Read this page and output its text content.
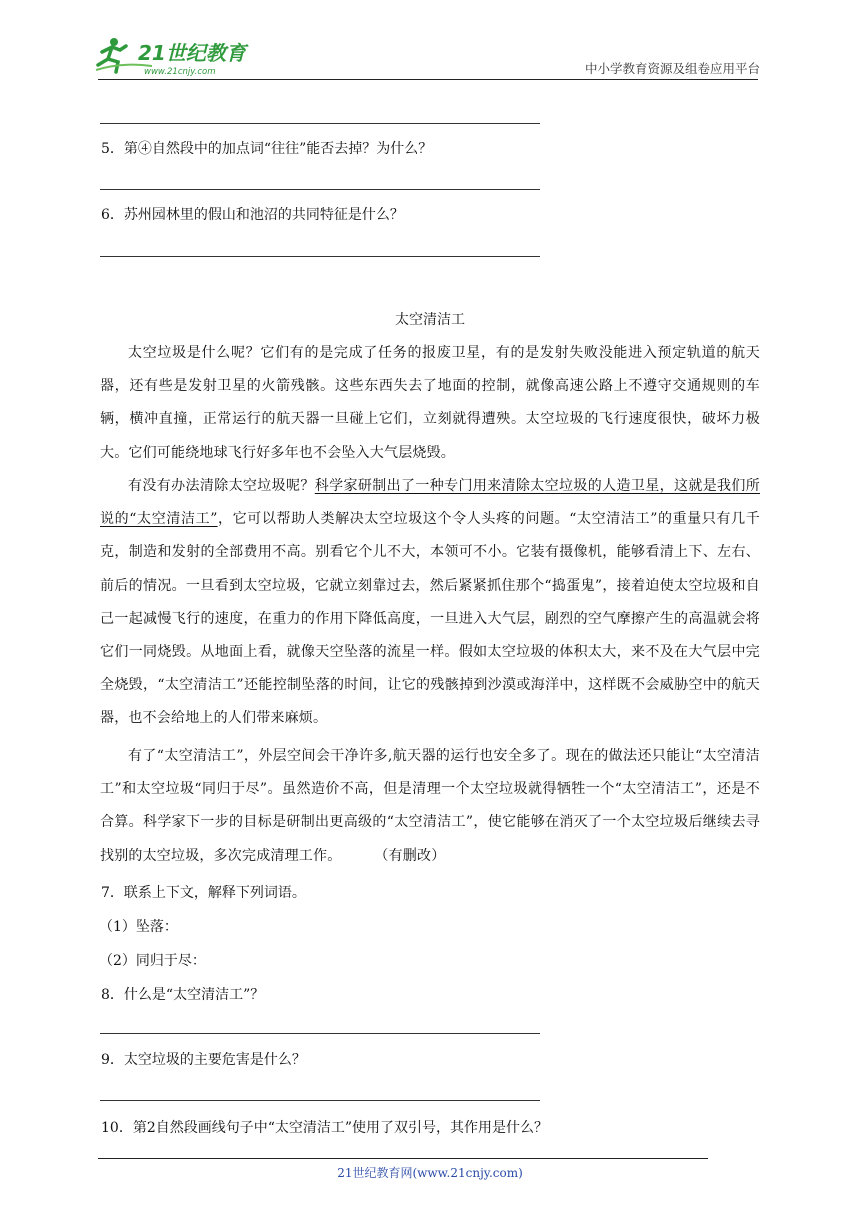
21世纪教育
www.21cnjy.com	中小学教育资源及组卷应用平台
5．第④自然段中的加点词“往往”能否去掉？为什么？
6．苏州园林里的假山和池沼的共同特征是什么？
太空清洁工
太空垃圾是什么呢？它们有的是完成了任务的报废卫星，有的是发射失败没能进入预定轨道的航天器，还有些是发射卫星的火箭残骸。这些东西失去了地面的控制，就像高速公路上不遵守交通规则的车辆，横冲直撞，正常运行的航天器一旦碰上它们，立刻就得遭殃。太空垃圾的飞行速度很快，破坏力极大。它们可能绕地球飞行好多年也不会坠入大气层烧毁。
有没有办法清除太空垃圾呢？科学家研制出了一种专门用来清除太空垃圾的人造卫星，这就是我们所说的“太空清洁工”，它可以帮助人类解决太空垃圾这个令人头疼的问题。“太空清洁工”的重量只有几千克，制造和发射的全部费用不高。别看它个儿不大，本领可不小。它装有摄像机，能够看清上下、左右、前后的情况。一旦看到太空垃圾，它就立刻靠过去，然后紧紧抓住那个“捣蛋鬼”，接着迫使太空垃圾和自己一起减慢飞行的速度，在重力的作用下降低高度，一旦进入大气层，剧烈的空气摩擦产生的高温就会将它们一同烧毁。从地面上看，就像天空坠落的流星一样。假如太空垃圾的体积太大，来不及在大气层中完全烧毁，“太空清洁工”还能控制坠落的时间，让它的残骸掉到沙漠或海洋中，这样既不会威胁空中的航天器，也不会给地上的人们带来麻烦。
有了“太空清洁工”，外层空间会干净许多,航天器的运行也安全多了。现在的做法还只能让“太空清洁工”和太空垃圾“同归于尽”。虽然造价不高，但是清理一个太空垃圾就得牺牲一个“太空清洁工”，还是不合算。科学家下一步的目标是研制出更高级的“太空清洁工”，使它能够在消灭了一个太空垃圾后继续去寻找别的太空垃圾，多次完成清理工作。	（有删改）
7．联系上下文，解释下列词语。
（1）坠落：
（2）同归于尽：
8．什么是“太空清洁工”？
9．太空垃圾的主要危害是什么？
10．第2自然段画线句子中“太空清洁工”使用了双引号，其作用是什么？
21世纪教育网(www.21cnjy.com)
